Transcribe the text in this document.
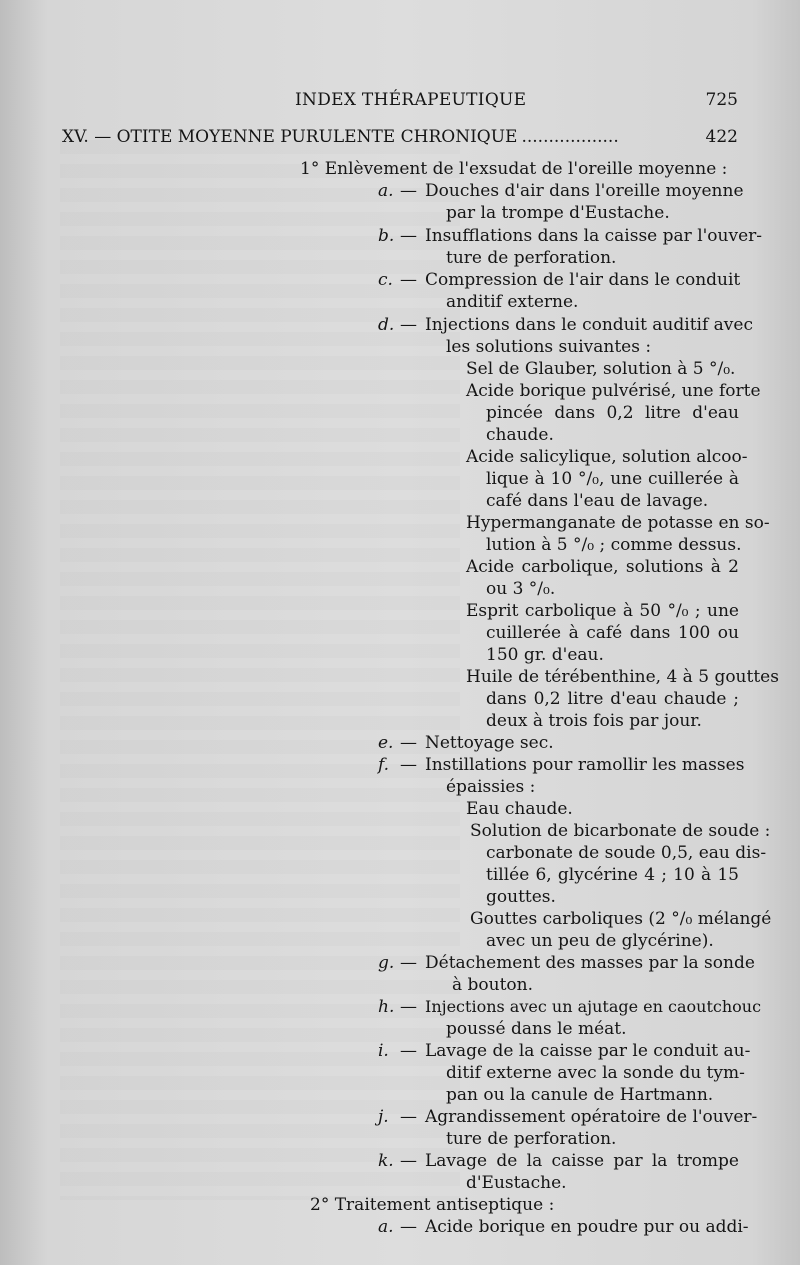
INDEX THÉRAPEUTIQUE	725
XV. — OTITE MOYENNE PURULENTE CHRONIQUE ..................	422
1° Enlèvement de l'exsudat de l'oreille moyenne :
a. — Douches d'air dans l'oreille moyenne
par la trompe d'Eustache.
b. — Insufflations dans la caisse par l'ouver-
ture de perforation.
c. — Compression de l'air dans le conduit
anditif externe.
d. — Injections dans le conduit auditif avec
les solutions suivantes :
Sel de Glauber, solution à 5 °/₀.
Acide borique pulvérisé, une forte
pincée dans 0,2 litre d'eau
chaude.
Acide salicylique, solution alcoo-
lique à 10 °/₀, une cuillerée à
café dans l'eau de lavage.
Hypermanganate de potasse en so-
lution à 5 °/₀ ; comme dessus.
Acide carbolique, solutions à 2
ou 3 °/₀.
Esprit carbolique à 50 °/₀ ; une
cuillerée à café dans 100 ou
150 gr. d'eau.
Huile de térébenthine, 4 à 5 gouttes
dans 0,2 litre d'eau chaude ;
deux à trois fois par jour.
e. — Nettoyage sec.
f. — Instillations pour ramollir les masses
épaissies :
Eau chaude.
Solution de bicarbonate de soude :
carbonate de soude 0,5, eau dis-
tillée 6, glycérine 4 ; 10 à 15
gouttes.
Gouttes carboliques (2 °/₀ mélangé
avec un peu de glycérine).
g. — Détachement des masses par la sonde
à bouton.
h. — Injections avec un ajutage en caoutchouc
poussé dans le méat.
i. — Lavage de la caisse par le conduit au-
ditif externe avec la sonde du tym-
pan ou la canule de Hartmann.
j. — Agrandissement opératoire de l'ouver-
ture de perforation.
k. — Lavage de la caisse par la trompe
d'Eustache.
2° Traitement antiseptique :
a. — Acide borique en poudre pur ou addi-
